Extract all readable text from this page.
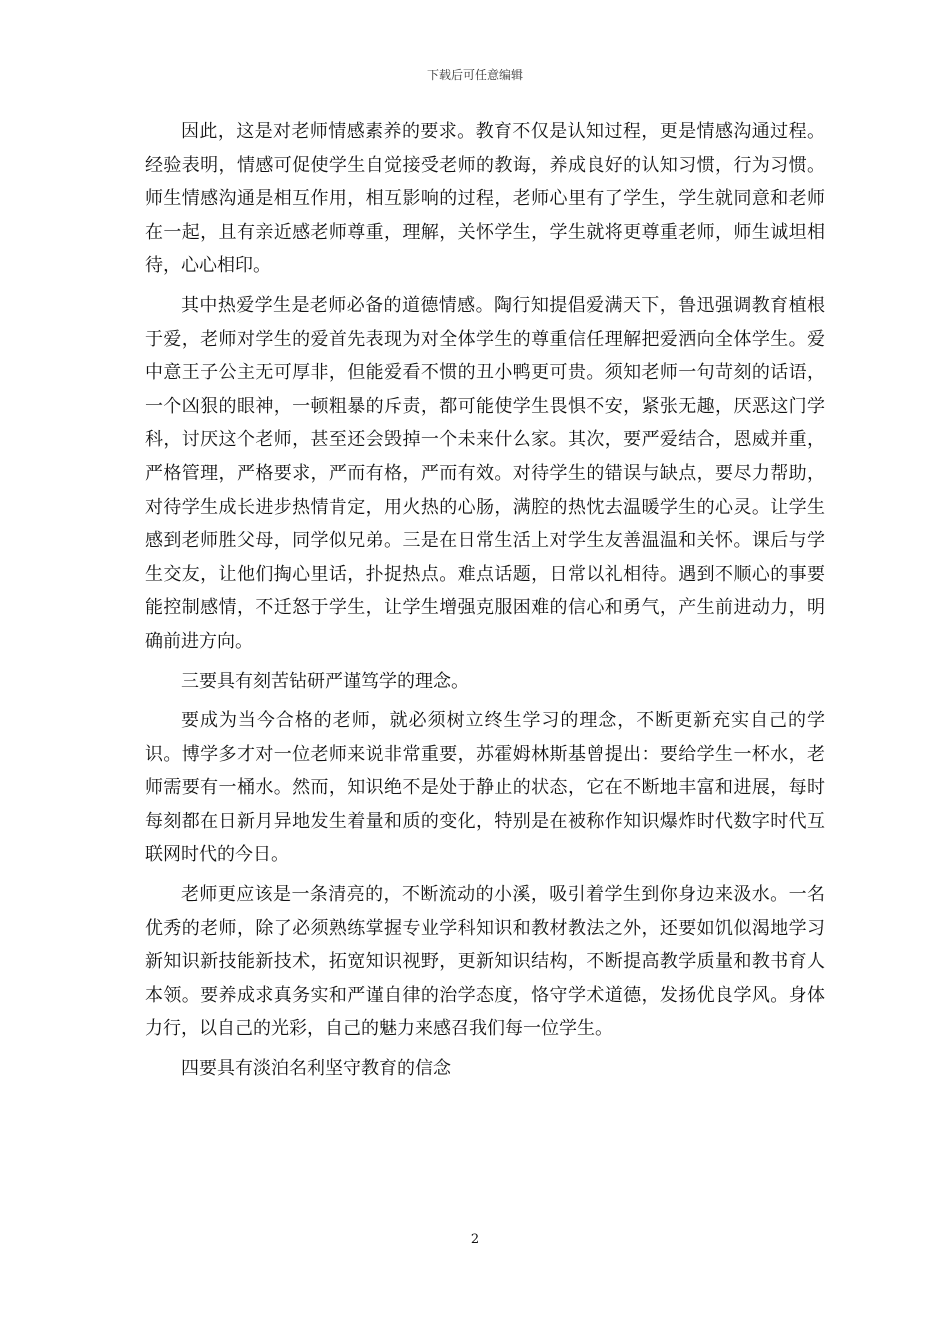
下载后可任意编辑

因此，这是对老师情感素养的要求。教育不仅是认知过程，更是情感沟通过程。经验表明，情感可促使学生自觉接受老师的教诲，养成良好的认知习惯，行为习惯。师生情感沟通是相互作用，相互影响的过程，老师心里有了学生，学生就同意和老师在一起，且有亲近感老师尊重，理解，关怀学生，学生就将更尊重老师，师生诚坦相待，心心相印。

其中热爱学生是老师必备的道德情感。陶行知提倡爱满天下，鲁迅强调教育植根于爱，老师对学生的爱首先表现为对全体学生的尊重信任理解把爱洒向全体学生。爱中意王子公主无可厚非，但能爱看不惯的丑小鸭更可贵。须知老师一句苛刻的话语，一个凶狠的眼神，一顿粗暴的斥责，都可能使学生畏惧不安，紧张无趣，厌恶这门学科，讨厌这个老师，甚至还会毁掉一个未来什么家。其次，要严爱结合，恩威并重，严格管理，严格要求，严而有格，严而有效。对待学生的错误与缺点，要尽力帮助，对待学生成长进步热情肯定，用火热的心肠，满腔的热忱去温暖学生的心灵。让学生感到老师胜父母，同学似兄弟。三是在日常生活上对学生友善温温和关怀。课后与学生交友，让他们掏心里话，扑捉热点。难点话题，日常以礼相待。遇到不顺心的事要能控制感情，不迁怒于学生，让学生增强克服困难的信心和勇气，产生前进动力，明确前进方向。

三要具有刻苦钻研严谨笃学的理念。

要成为当今合格的老师，就必须树立终生学习的理念，不断更新充实自己的学识。博学多才对一位老师来说非常重要，苏霍姆林斯基曾提出：要给学生一杯水，老师需要有一桶水。然而，知识绝不是处于静止的状态，它在不断地丰富和进展，每时每刻都在日新月异地发生着量和质的变化，特别是在被称作知识爆炸时代数字时代互联网时代的今日。

老师更应该是一条清亮的，不断流动的小溪，吸引着学生到你身边来汲水。一名优秀的老师，除了必须熟练掌握专业学科知识和教材教法之外，还要如饥似渴地学习新知识新技能新技术，拓宽知识视野，更新知识结构，不断提高教学质量和教书育人本领。要养成求真务实和严谨自律的治学态度，恪守学术道德，发扬优良学风。身体力行，以自己的光彩，自己的魅力来感召我们每一位学生。

四要具有淡泊名利坚守教育的信念

2
